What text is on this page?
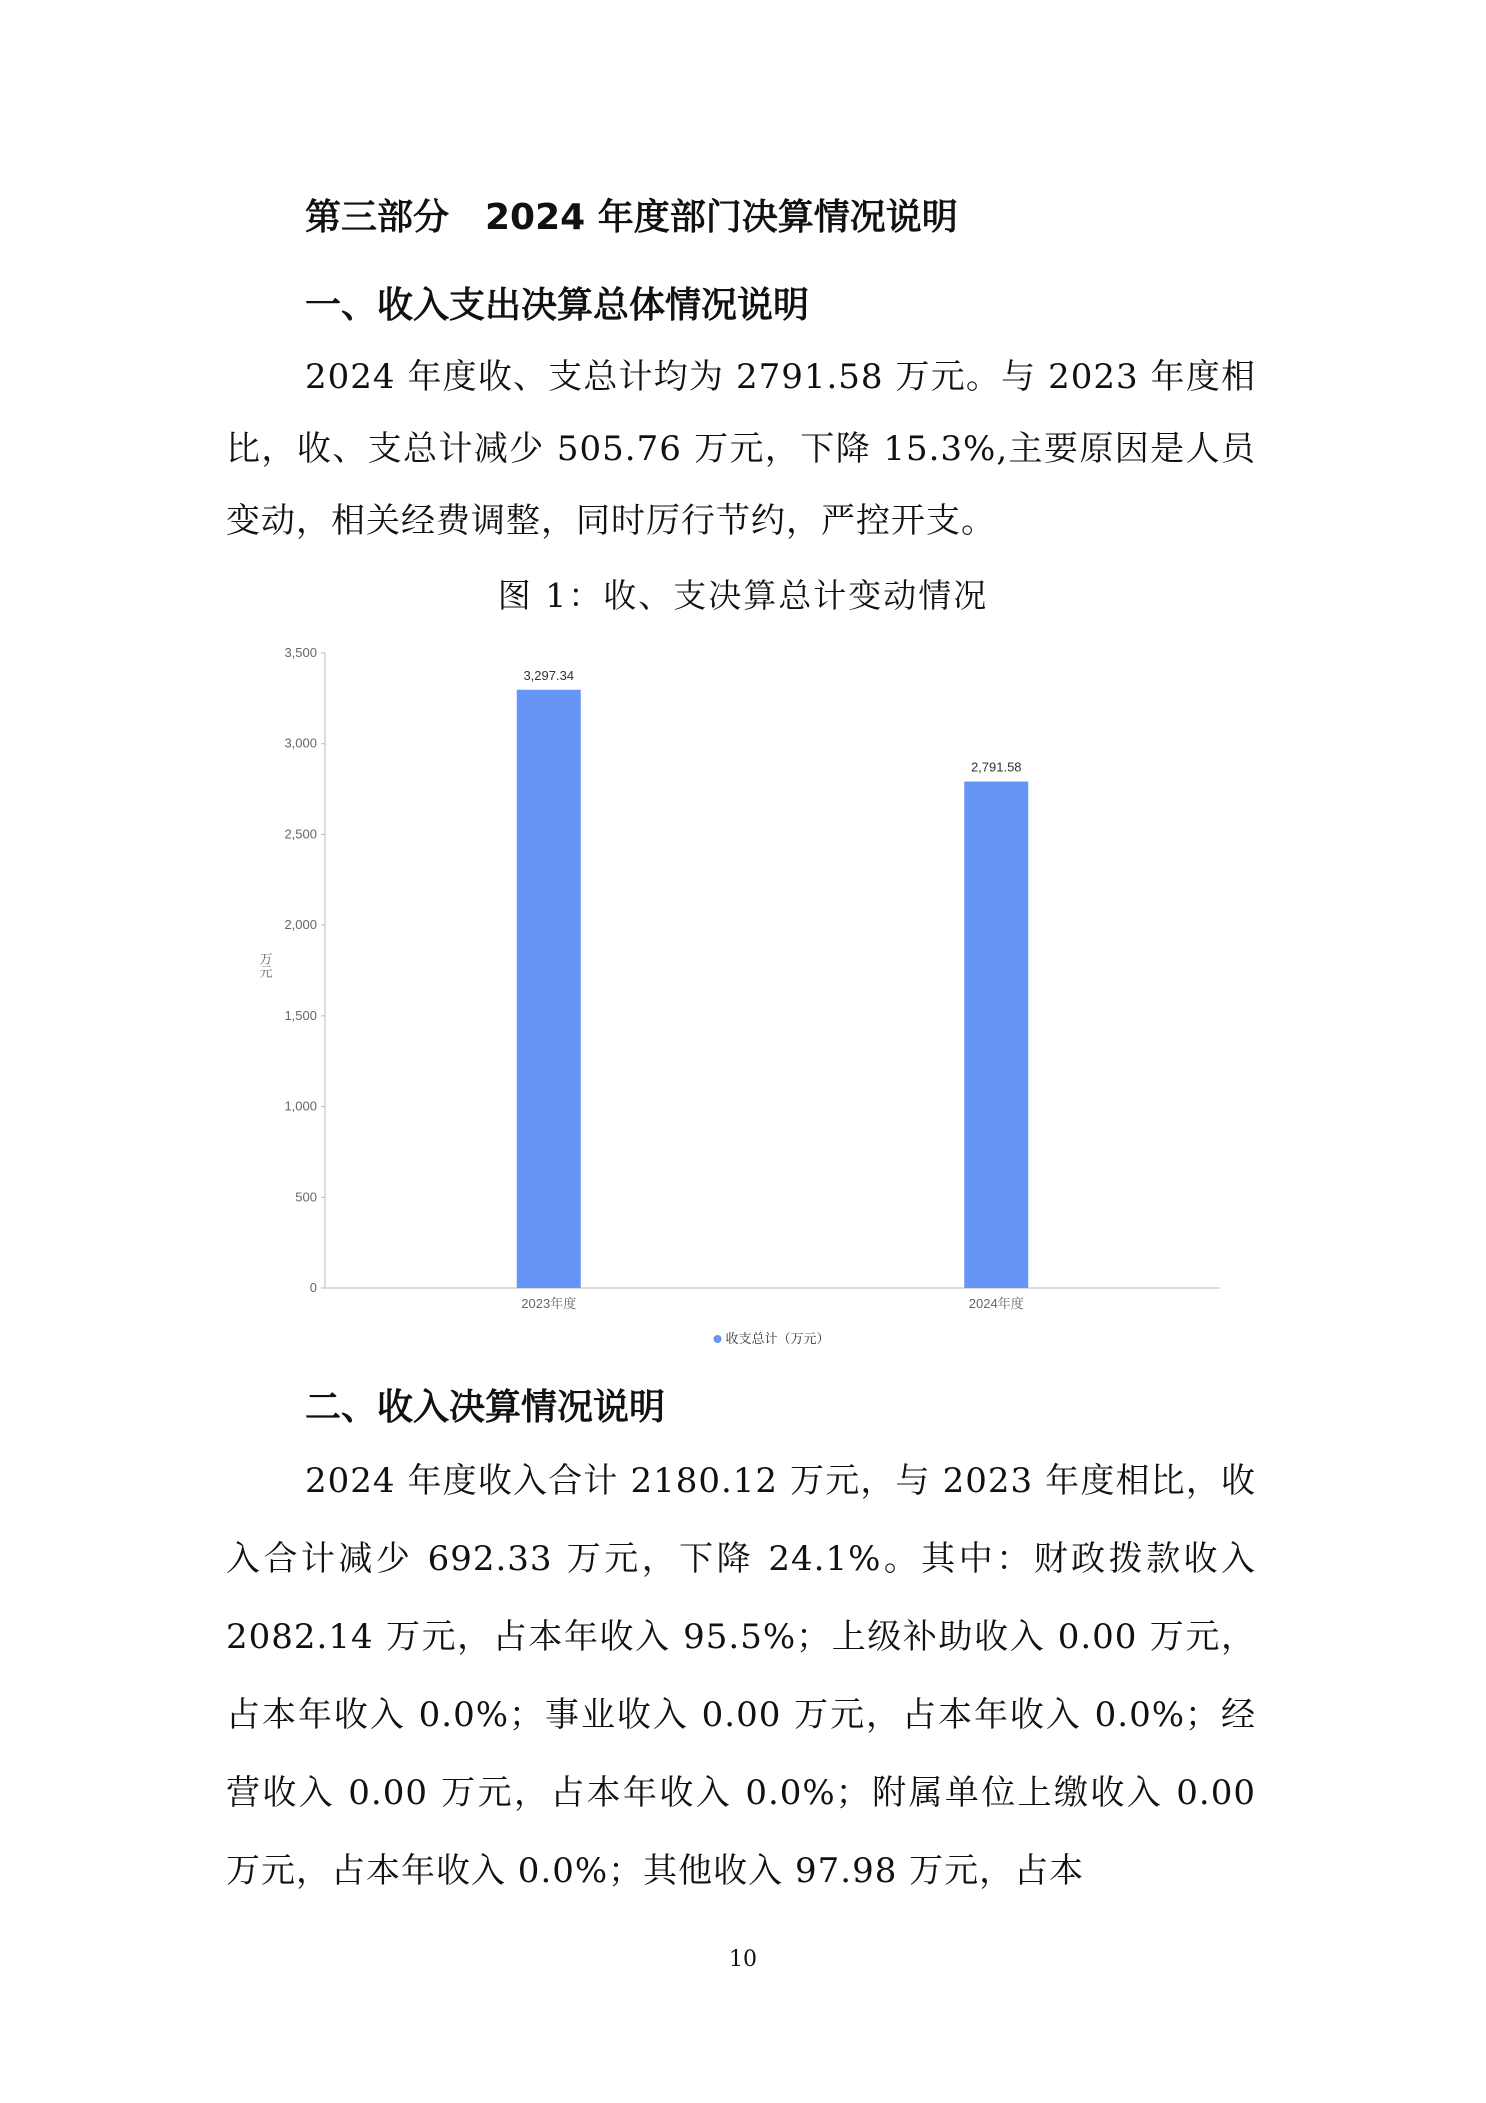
第三部分　2024 年度部门决算情况说明
一、收入支出决算总体情况说明

2024 年度收、支总计均为 2791.58 万元。与 2023 年度相比，收、支总计减少 505.76 万元，下降 15.3%,主要原因是人员变动，相关经费调整，同时厉行节约，严控开支。

图 1：收、支决算总计变动情况
0
500
1,000
1,500
2,000
2,500
3,000
3,500
万元
3,297.34
2023年度
2,791.58
2024年度
收支总计（万元）
二、收入决算情况说明

2024 年度收入合计 2180.12 万元，与 2023 年度相比，收入合计减少 692.33 万元，下降 24.1%。其中：财政拨款收入 2082.14 万元，占本年收入 95.5%；上级补助收入 0.00 万元，占本年收入 0.0%；事业收入 0.00 万元，占本年收入 0.0%；经营收入 0.00 万元，占本年收入 0.0%；附属单位上缴收入 0.00 万元，占本年收入 0.0%；其他收入 97.98 万元，占本

10
